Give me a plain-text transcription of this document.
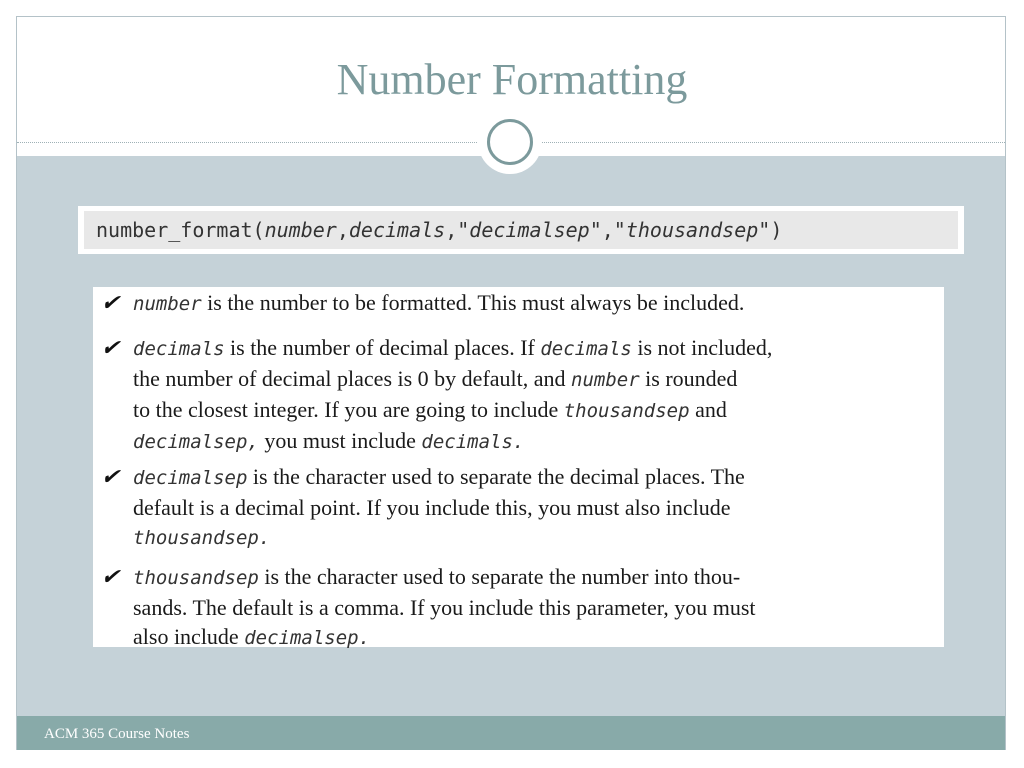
Number Formatting
number_format(number,decimals,"decimalsep","thousandsep")
✔ number is the number to be formatted. This must always be included.
✔ decimals is the number of decimal places. If decimals is not included,
the number of decimal places is 0 by default, and number is rounded
to the closest integer. If you are going to include thousandsep and
decimalsep, you must include decimals.
✔ decimalsep is the character used to separate the decimal places. The
default is a decimal point. If you include this, you must also include
thousandsep.
✔ thousandsep is the character used to separate the number into thou-
sands. The default is a comma. If you include this parameter, you must
also include decimalsep.
ACM 365 Course Notes
